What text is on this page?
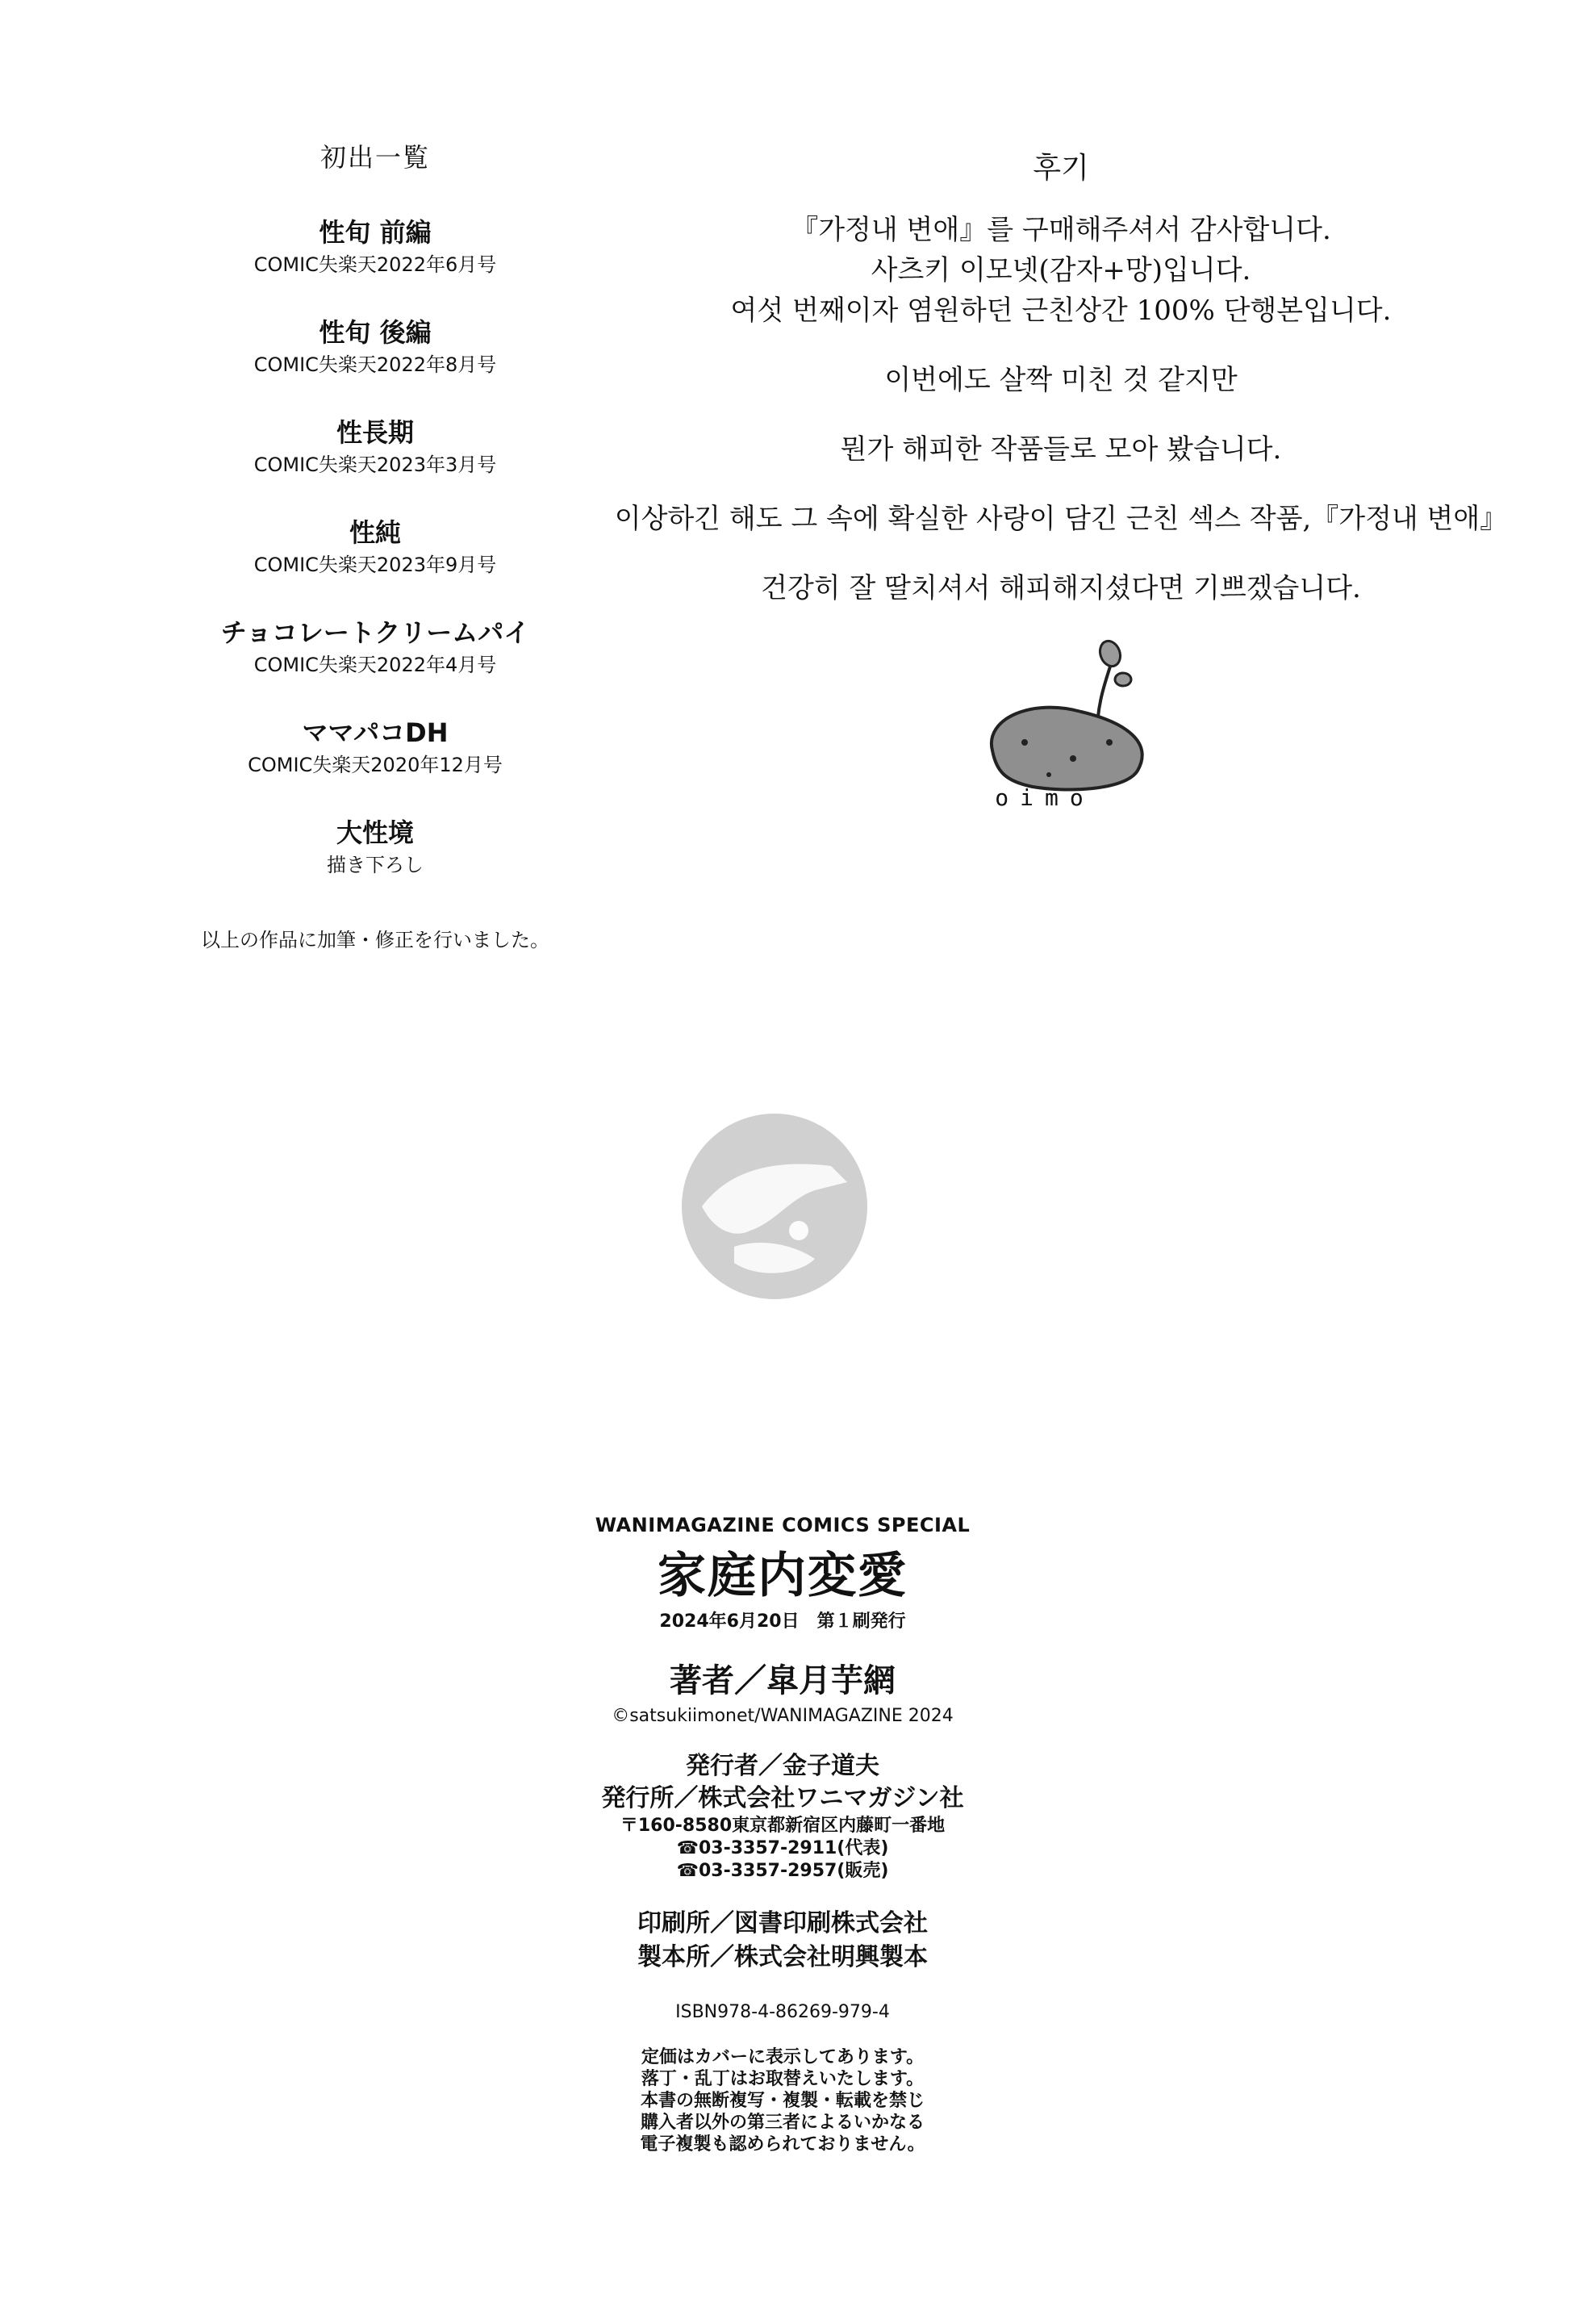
初出一覧
性旬 前編
COMIC失楽天2022年6月号
性旬 後編
COMIC失楽天2022年8月号
性長期
COMIC失楽天2023年3月号
性純
COMIC失楽天2023年9月号
チョコレートクリームパイ
COMIC失楽天2022年4月号
ママパコDH
COMIC失楽天2020年12月号
大性境
描き下ろし
以上の作品に加筆・修正を行いました。
후기
『가정내 변애』를 구매해주셔서 감사합니다.
사츠키 이모넷(감자+망)입니다.
여섯 번째이자 염원하던 근친상간 100% 단행본입니다.
이번에도 살짝 미친 것 같지만
뭔가 해피한 작품들로 모아 봤습니다.
이상하긴 해도 그 속에 확실한 사랑이 담긴 근친 섹스 작품,『가정내 변애』
건강히 잘 딸치셔서 해피해지셨다면 기쁘겠습니다.
oimo
WANIMAGAZINE COMICS SPECIAL
家庭内変愛
2024年6月20日　第１刷発行
著者／皐月芋網
©satsukiimonet/WANIMAGAZINE 2024
発行者／金子道夫
発行所／株式会社ワニマガジン社
〒160-8580東京都新宿区内藤町一番地
☎03-3357-2911(代表)
☎03-3357-2957(販売)
印刷所／図書印刷株式会社
製本所／株式会社明興製本
ISBN978-4-86269-979-4
定価はカバーに表示してあります。
落丁・乱丁はお取替えいたします。
本書の無断複写・複製・転載を禁じ
購入者以外の第三者によるいかなる
電子複製も認められておりません。
